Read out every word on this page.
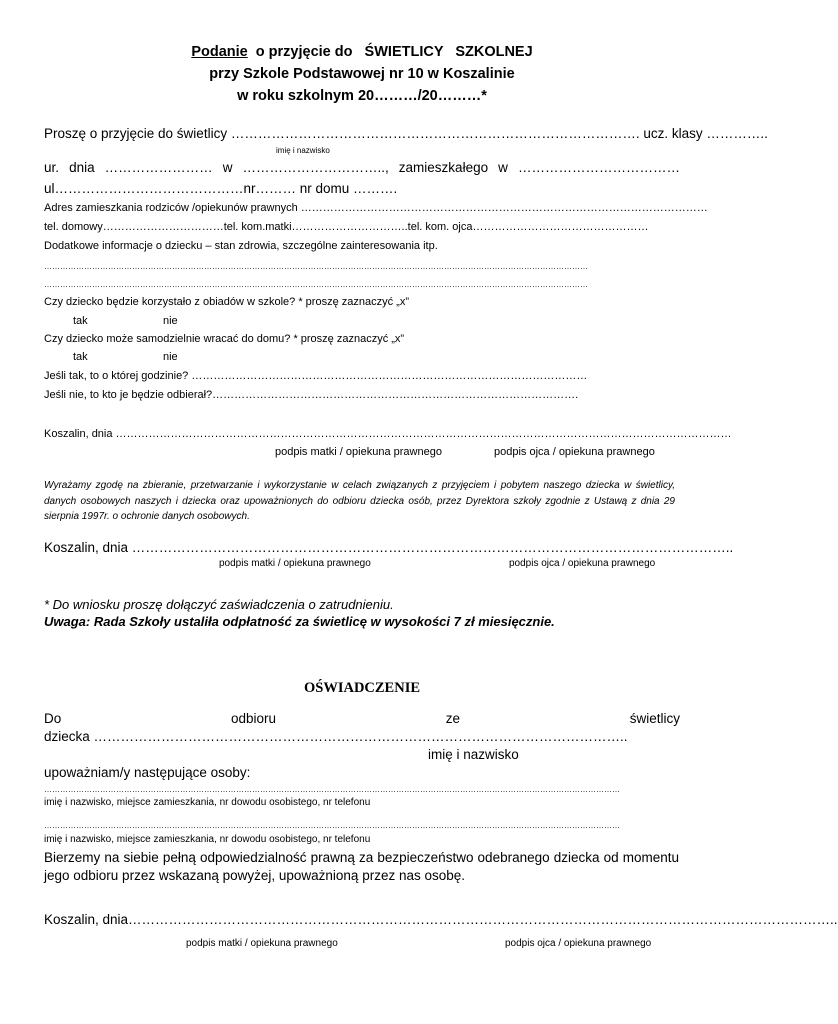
Podanie  o przyjęcie do   ŚWIETLICY   SZKOLNEJ
przy Szkole Podstawowej nr 10 w Koszalinie
w roku szkolnym 20………/20………*
Proszę o przyjęcie do świetlicy ………………………………………………………………………………. ucz. klasy …………..
imię i nazwisko
ur. dnia …………………… w ………………………….., zamieszkałego w ………………………………
ul……………………………………nr……… nr domu ……….
Adres zamieszkania rodziców /opiekunów prawnych …………………………………………………………………………………………………
tel. domowy……………………………tel. kom.matki…………………………..tel. kom. ojca…………………………………………
Dodatkowe informacje o dziecku – stan zdrowia, szczególne zainteresowania itp.
……………………………………………………………………………………………………………………………………………………………………………………
……………………………………………………………………………………………………………………………………………………………………………………
Czy dziecko będzie korzystało z obiadów w szkole? * proszę zaznaczyć „x”
tak	nie
Czy dziecko może samodzielnie wracać do domu? * proszę zaznaczyć „x”
tak	nie
Jeśli tak, to o której godzinie? ………………………………………………………………………………………………
Jeśli nie, to kto je będzie odbierał?……………………………………………………………………………………….
Koszalin, dnia ……………………………………………………………………………………………………………………………………………………
podpis matki / opiekuna prawnego	podpis ojca / opiekuna prawnego
Wyrażamy zgodę na zbieranie, przetwarzanie i wykorzystanie w celach związanych z przyjęciem i pobytem naszego dziecka w świetlicy, danych osobowych naszych i dziecka oraz upoważnionych do odbioru dziecka osób, przez Dyrektora szkoły zgodnie z Ustawą z dnia 29 sierpnia 1997r. o ochronie danych osobowych.
Koszalin, dnia ……………………………………………………………………………………………………………………..
podpis matki / opiekuna prawnego	podpis ojca / opiekuna prawnego
* Do wniosku proszę dołączyć zaświadczenia o zatrudnieniu.
Uwaga: Rada Szkoły ustaliła odpłatność za świetlicę w wysokości 7 zł miesięcznie.
OŚWIADCZENIE
Do	odbioru	ze	świetlicy
dziecka ………………………………………………………………………………………………………..
imię i nazwisko
upoważniam/y następujące osoby:
………………………………………………………………………………………………………………………………………………………………………………………………
imię i nazwisko, miejsce zamieszkania, nr dowodu osobistego, nr telefonu
………………………………………………………………………………………………………………………………………………………………………………………………
imię i nazwisko, miejsce zamieszkania, nr dowodu osobistego, nr telefonu
Bierzemy na siebie pełną odpowiedzialność prawną za bezpieczeństwo odebranego dziecka od momentu jego odbioru przez wskazaną powyżej, upoważnioną przez nas osobę.
Koszalin, dnia…………………………………………………………………………………………………………………………………………..
podpis matki / opiekuna prawnego	podpis ojca / opiekuna prawnego
